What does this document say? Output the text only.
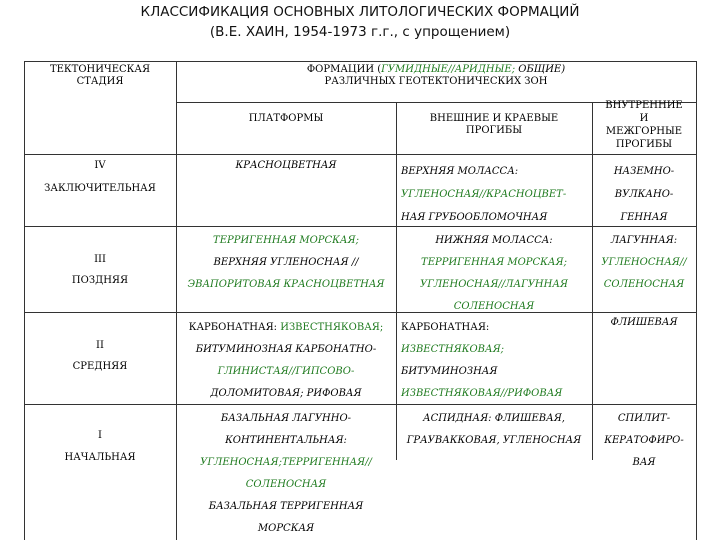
КЛАССИФИКАЦИЯ ОСНОВНЫХ ЛИТОЛОГИЧЕСКИХ ФОРМАЦИЙ
(В.Е. ХАИН, 1954-1973 г.г., с упрощением)
ТЕКТОНИЧЕСКАЯ
СТАДИЯ
ФОРМАЦИИ (ГУМИДНЫЕ//АРИДНЫЕ; ОБЩИЕ)
РАЗЛИЧНЫХ ГЕОТЕКТОНИЧЕСКИХ ЗОН
ПЛАТФОРМЫ	ВНЕШНИЕ И КРАЕВЫЕ
ПРОГИБЫ
ВНУТРЕННИЕ
И
МЕЖГОРНЫЕ
ПРОГИБЫ
IV
ЗАКЛЮЧИТЕЛЬНАЯ
КРАСНОЦВЕТНАЯ
ВЕРХНЯЯ МОЛАССА:
УГЛЕНОСНАЯ//КРАСНОЦВЕТ-
НАЯ ГРУБООБЛОМОЧНАЯ
НАЗЕМНО-
ВУЛКАНО-
ГЕННАЯ
III
ПОЗДНЯЯ
ТЕРРИГЕННАЯ МОРСКАЯ;
ВЕРХНЯЯ УГЛЕНОСНАЯ //
ЭВАПОРИТОВАЯ КРАСНОЦВЕТНАЯ
НИЖНЯЯ МОЛАССА:
ТЕРРИГЕННАЯ МОРСКАЯ;
УГЛЕНОСНАЯ//ЛАГУННАЯ
СОЛЕНОСНАЯ
ЛАГУННАЯ:
УГЛЕНОСНАЯ//
СОЛЕНОСНАЯ
II
СРЕДНЯЯ
КАРБОНАТНАЯ: ИЗВЕСТНЯКОВАЯ;
БИТУМИНОЗНАЯ КАРБОНАТНО-
ГЛИНИСТАЯ//ГИПСОВО-
ДОЛОМИТОВАЯ; РИФОВАЯ
КАРБОНАТНАЯ:
ИЗВЕСТНЯКОВАЯ;
БИТУМИНОЗНАЯ
ИЗВЕСТНЯКОВАЯ//РИФОВАЯ
ФЛИШЕВАЯ
I
НАЧАЛЬНАЯ
БАЗАЛЬНАЯ ЛАГУННО-
КОНТИНЕНТАЛЬНАЯ:
УГЛЕНОСНАЯ;ТЕРРИГЕННАЯ//
СОЛЕНОСНАЯ
БАЗАЛЬНАЯ ТЕРРИГЕННАЯ
МОРСКАЯ
АСПИДНАЯ: ФЛИШЕВАЯ,
ГРАУВАККОВАЯ, УГЛЕНОСНАЯ
СПИЛИТ-
КЕРАТОФИРО-
ВАЯ
